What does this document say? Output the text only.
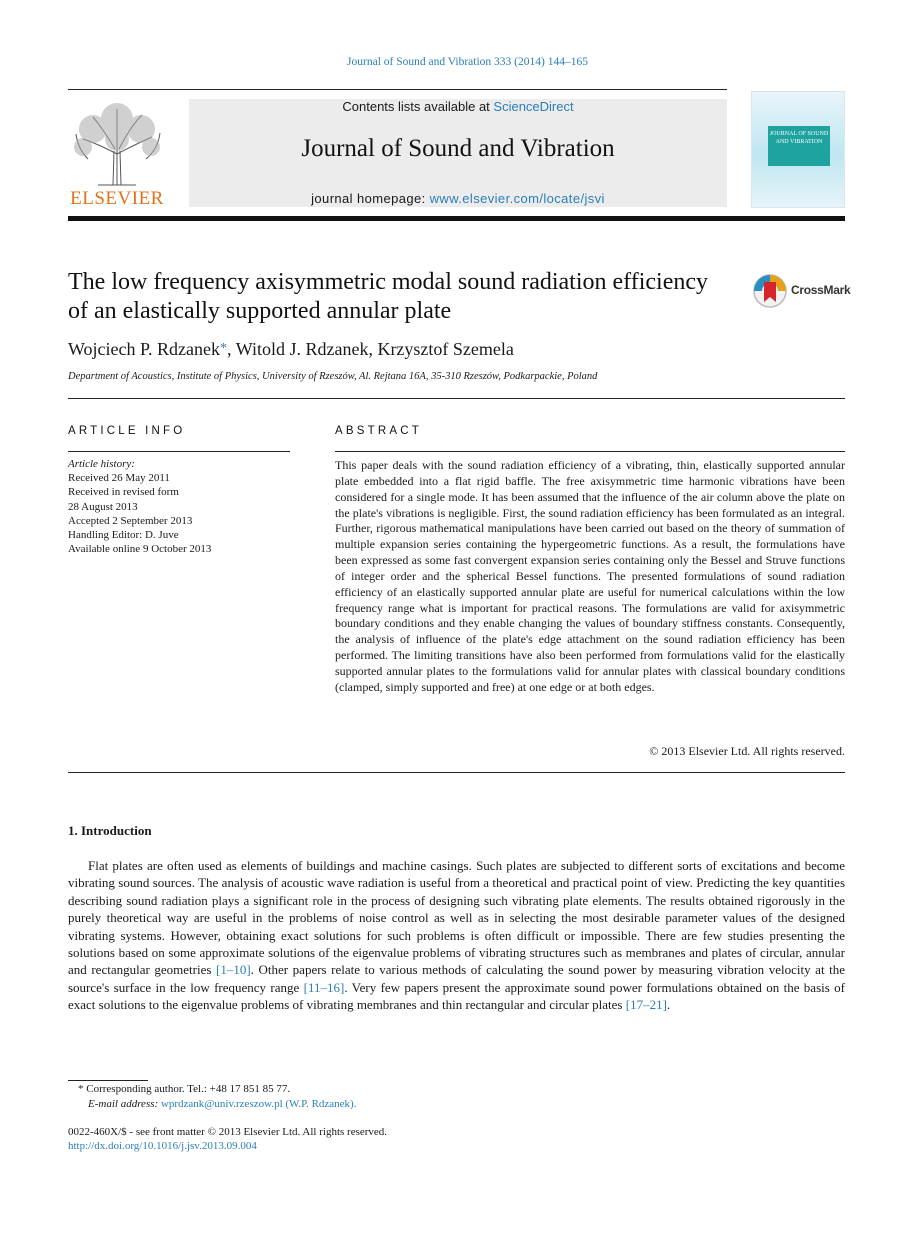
Journal of Sound and Vibration 333 (2014) 144–165
ELSEVIER
Contents lists available at ScienceDirect
Journal of Sound and Vibration
journal homepage: www.elsevier.com/locate/jsvi
JOURNAL OF SOUND AND VIBRATION
The low frequency axisymmetric modal sound radiation efficiency of an elastically supported annular plate
CrossMark
Wojciech P. Rdzanek*, Witold J. Rdzanek, Krzysztof Szemela
Department of Acoustics, Institute of Physics, University of Rzeszów, Al. Rejtana 16A, 35-310 Rzeszów, Podkarpackie, Poland
ARTICLE INFO	ABSTRACT
Article history:
Received 26 May 2011
Received in revised form
28 August 2013
Accepted 2 September 2013
Handling Editor: D. Juve
Available online 9 October 2013
This paper deals with the sound radiation efficiency of a vibrating, thin, elastically supported annular plate embedded into a flat rigid baffle. The free axisymmetric time harmonic vibrations have been considered for a single mode. It has been assumed that the influence of the air column above the plate on the plate's vibrations is negligible. First, the sound radiation efficiency has been formulated as an integral. Further, rigorous mathematical manipulations have been carried out based on the theory of summation of multiple expansion series containing the hypergeometric functions. As a result, the formulations have been expressed as some fast convergent expansion series containing only the Bessel and Struve functions of integer order and the spherical Bessel functions. The presented formulations of sound radiation efficiency of an elastically supported annular plate are useful for numerical calculations within the low frequency range what is important for practical reasons. The formulations are valid for axisymmetric boundary conditions and they enable changing the values of boundary stiffness constants. Consequently, the analysis of influence of the plate's edge attachment on the sound radiation efficiency has been performed. The limiting transitions have also been performed from formulations valid for the elastically supported annular plates to the formulations valid for annular plates with classical boundary conditions (clamped, simply supported and free) at one edge or at both edges.
© 2013 Elsevier Ltd. All rights reserved.
1. Introduction
Flat plates are often used as elements of buildings and machine casings. Such plates are subjected to different sorts of excitations and become vibrating sound sources. The analysis of acoustic wave radiation is useful from a theoretical and practical point of view. Predicting the key quantities describing sound radiation plays a significant role in the process of designing such vibrating plate elements. The results obtained rigorously in the purely theoretical way are useful in the problems of noise control as well as in selecting the most desirable parameter values of the designed vibrating systems. However, obtaining exact solutions for such problems is often difficult or impossible. There are few studies presenting the solutions based on some approximate solutions of the eigenvalue problems of vibrating structures such as membranes and plates of circular, annular and rectangular geometries [1–10]. Other papers relate to various methods of calculating the sound power by measuring vibration velocity at the source's surface in the low frequency range [11–16]. Very few papers present the approximate sound power formulations obtained on the basis of exact solutions to the eigenvalue problems of vibrating membranes and thin rectangular and circular plates [17–21].
* Corresponding author. Tel.: +48 17 851 85 77.
E-mail address: wprdzank@univ.rzeszow.pl (W.P. Rdzanek).
0022-460X/$ - see front matter © 2013 Elsevier Ltd. All rights reserved.
http://dx.doi.org/10.1016/j.jsv.2013.09.004
